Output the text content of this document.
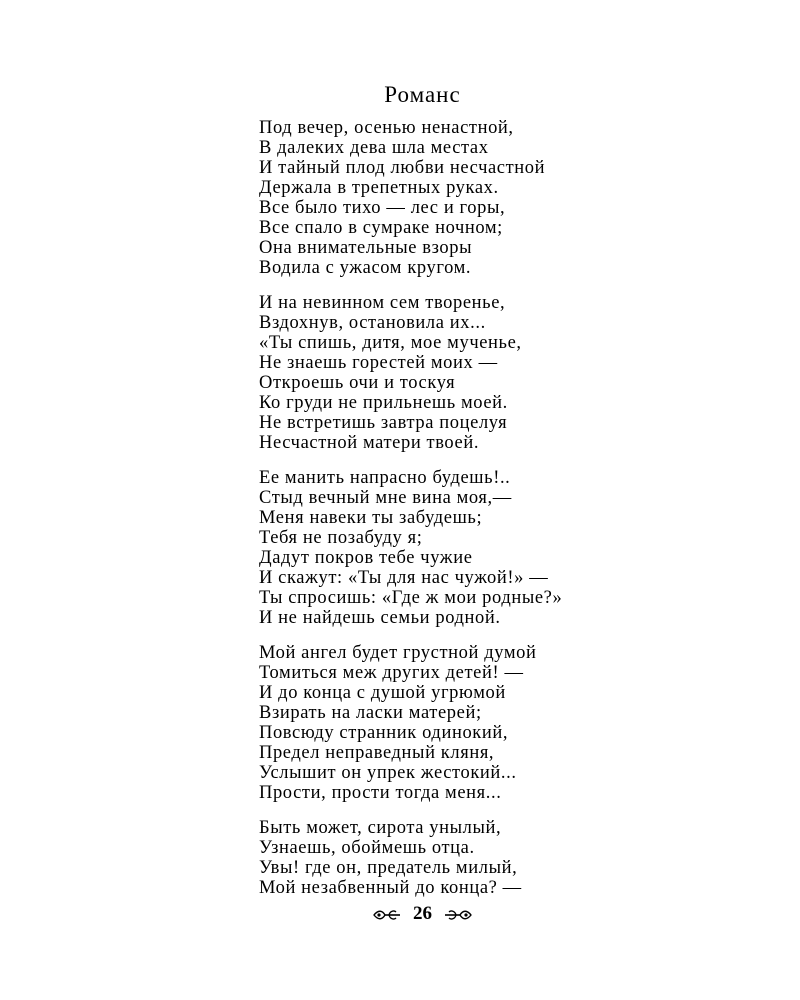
Романс
Под вечер, осенью ненастной,
В далеких дева шла местах
И тайный плод любви несчастной
Держала в трепетных руках.
Все было тихо — лес и горы,
Все спало в сумраке ночном;
Она внимательные взоры
Водила с ужасом кругом.
И на невинном сем творенье,
Вздохнув, остановила их...
«Ты спишь, дитя, мое мученье,
Не знаешь горестей моих —
Откроешь очи и тоскуя
Ко груди не прильнешь моей.
Не встретишь завтра поцелуя
Несчастной матери твоей.
Ее манить напрасно будешь!..
Стыд вечный мне вина моя,—
Меня навеки ты забудешь;
Тебя не позабуду я;
Дадут покров тебе чужие
И скажут: «Ты для нас чужой!» —
Ты спросишь: «Где ж мои родные?»
И не найдешь семьи родной.
Мой ангел будет грустной думой
Томиться меж других детей! —
И до конца с душой угрюмой
Взирать на ласки матерей;
Повсюду странник одинокий,
Предел неправедный кляня,
Услышит он упрек жестокий...
Прости, прости тогда меня...
Быть может, сирота унылый,
Узнаешь, обоймешь отца.
Увы! где он, предатель милый,
Мой незабвенный до конца? —
26
